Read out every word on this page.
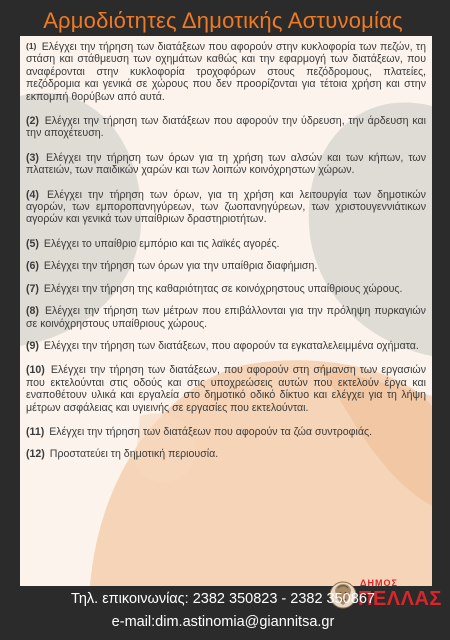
Αρμοδιότητες Δημοτικής Αστυνομίας
(1) Ελέγχει την τήρηση των διατάξεων που αφορούν στην κυκλοφορία των πεζών, τη στάση και στάθμευση των οχημάτων καθώς και την εφαρμογή των διατάξεων, που αναφέρονται στην κυκλοφορία τροχοφόρων στους πεζόδρομους, πλατείες, πεζόδρομια και γενικά σε χώρους που δεν προορίζονται για τέτοια χρήση και στην εκπομπή θορύβων από αυτά.
(2) Ελέγχει την τήρηση των διατάξεων που αφορούν την ύδρευση, την άρδευση και την αποχέτευση.
(3) Ελέγχει την τήρηση των όρων για τη χρήση των αλσών και των κήπων, των πλατειών, των παιδικών χαρών και των λοιπών κοινόχρηστων χώρων.
(4) Ελέγχει την τήρηση των όρων, για τη χρήση και λειτουργία των δημοτικών αγορών, των εμποροπανηγύρεων, των ζωοπανηγύρεων, των χριστουγεννιάτικων αγορών και γενικά των υπαίθριων δραστηριοτήτων.
(5) Ελέγχει το υπαίθριο εμπόριο και τις λαϊκές αγορές.
(6) Ελέγχει την τήρηση των όρων για την υπαίθρια διαφήμιση.
(7) Ελέγχει την τήρηση της καθαριότητας σε κοινόχρηστους υπαίθριους χώρους.
(8) Ελέγχει την τήρηση των μέτρων που επιβάλλονται για την πρόληψη πυρκαγιών σε κοινόχρηστους υπαίθριους χώρους.
(9) Ελέγχει την τήρηση των διατάξεων, που αφορούν τα εγκαταλελειμμένα οχήματα.
(10) Ελέγχει την τήρηση των διατάξεων, που αφορούν στη σήμανση των εργασιών που εκτελούνται στις οδούς και στις υποχρεώσεις αυτών που εκτελούν έργα και εναποθέτουν υλικά και εργαλεία στο δημοτικό οδικό δίκτυο και ελέγχει για τη λήψη μέτρων ασφάλειας και υγιεινής σε εργασίες που εκτελούνται.
(11) Ελέγχει την τήρηση των διατάξεων που αφορούν τα ζώα συντροφιάς.
(12) Προστατεύει τη δημοτική περιουσία.
ΔΗΜΟΣ
ΠΕΛΛΑΣ
Τηλ. επικοινωνίας: 2382 350823 - 2382 350867
e-mail:dim.astinomia@giannitsa.gr
